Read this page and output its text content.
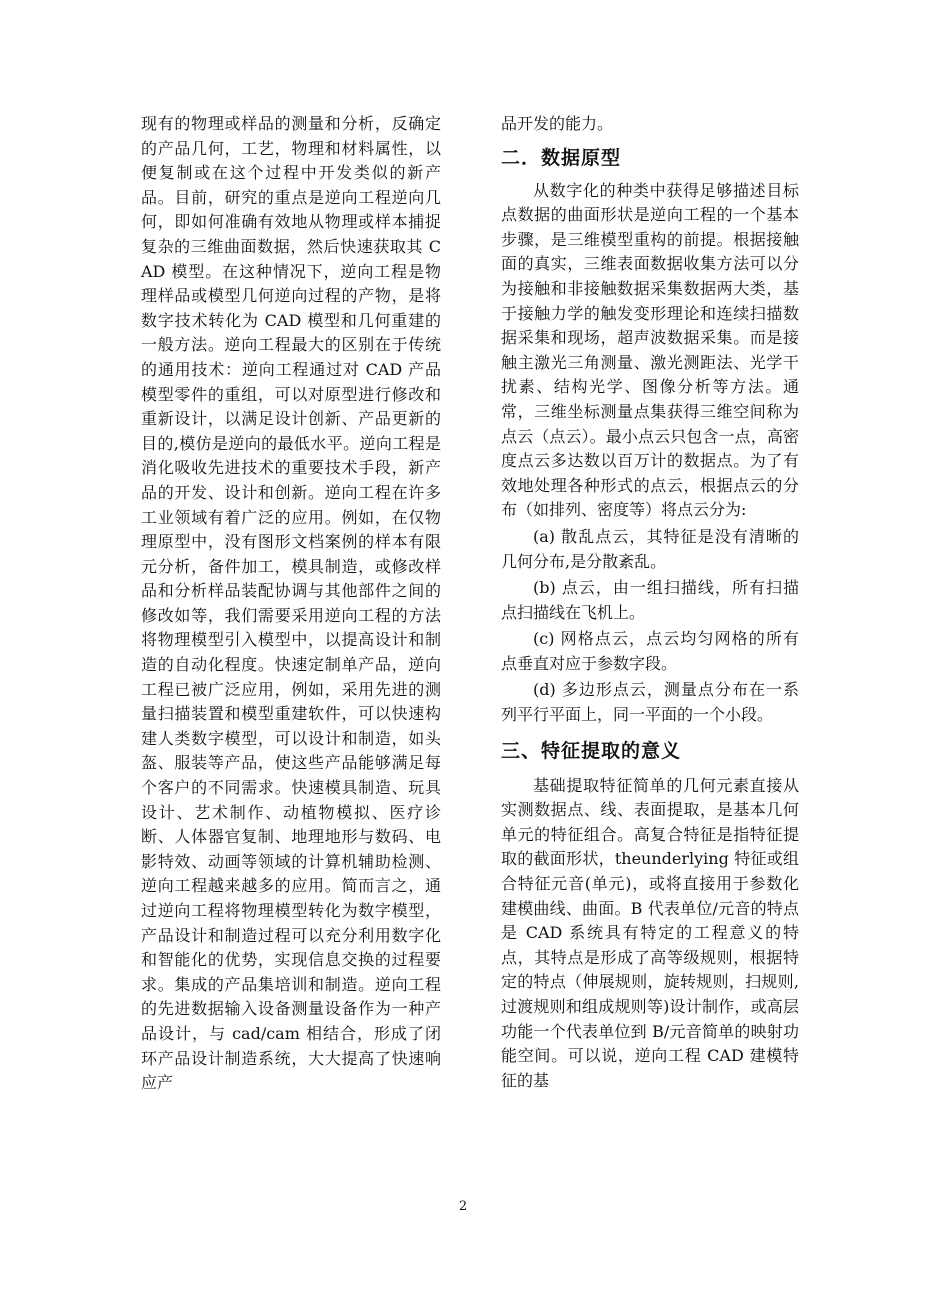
现有的物理或样品的测量和分析，反确定的产品几何，工艺，物理和材料属性，以便复制或在这个过程中开发类似的新产品。目前，研究的重点是逆向工程逆向几何，即如何准确有效地从物理或样本捕捉复杂的三维曲面数据，然后快速获取其 CAD 模型。在这种情况下，逆向工程是物理样品或模型几何逆向过程的产物，是将数字技术转化为 CAD 模型和几何重建的一般方法。逆向工程最大的区别在于传统的通用技术：逆向工程通过对 CAD 产品模型零件的重组，可以对原型进行修改和重新设计，以满足设计创新、产品更新的目的,模仿是逆向的最低水平。逆向工程是消化吸收先进技术的重要技术手段，新产品的开发、设计和创新。逆向工程在许多工业领域有着广泛的应用。例如，在仅物理原型中，没有图形文档案例的样本有限元分析，备件加工，模具制造，或修改样品和分析样品装配协调与其他部件之间的修改如等，我们需要采用逆向工程的方法将物理模型引入模型中，以提高设计和制造的自动化程度。快速定制单产品，逆向工程已被广泛应用，例如，采用先进的测量扫描装置和模型重建软件，可以快速构建人类数字模型，可以设计和制造，如头盔、服装等产品，使这些产品能够满足每个客户的不同需求。快速模具制造、玩具设计、艺术制作、动植物模拟、医疗诊断、人体器官复制、地理地形与数码、电影特效、动画等领域的计算机辅助检测、逆向工程越来越多的应用。简而言之，通过逆向工程将物理模型转化为数字模型，产品设计和制造过程可以充分利用数字化和智能化的优势，实现信息交换的过程要求。集成的产品集培训和制造。逆向工程的先进数据输入设备测量设备作为一种产品设计，与 cad/cam 相结合，形成了闭环产品设计制造系统，大大提高了快速响应产

品开发的能力。

二．数据原型

从数字化的种类中获得足够描述目标点数据的曲面形状是逆向工程的一个基本步骤，是三维模型重构的前提。根据接触面的真实，三维表面数据收集方法可以分为接触和非接触数据采集数据两大类，基于接触力学的触发变形理论和连续扫描数据采集和现场，超声波数据采集。而是接触主激光三角测量、激光测距法、光学干扰素、结构光学、图像分析等方法。通常，三维坐标测量点集获得三维空间称为点云（点云）。最小点云只包含一点，高密度点云多达数以百万计的数据点。为了有效地处理各种形式的点云，根据点云的分布（如排列、密度等）将点云分为:

(a) 散乱点云，其特征是没有清晰的几何分布,是分散紊乱。

(b) 点云，由一组扫描线，所有扫描点扫描线在飞机上。

(c) 网格点云，点云均匀网格的所有点垂直对应于参数字段。

(d) 多边形点云，测量点分布在一系列平行平面上，同一平面的一个小段。

三、特征提取的意义

基础提取特征简单的几何元素直接从实测数据点、线、表面提取，是基本几何单元的特征组合。高复合特征是指特征提取的截面形状，theunderlying 特征或组合特征元音(单元)，或将直接用于参数化建模曲线、曲面。B 代表单位/元音的特点是 CAD 系统具有特定的工程意义的特点，其特点是形成了高等级规则，根据特定的特点（伸展规则，旋转规则，扫规则,过渡规则和组成规则等)设计制作，或高层功能一个代表单位到 B/元音简单的映射功能空间。可以说，逆向工程 CAD 建模特征的基

2
